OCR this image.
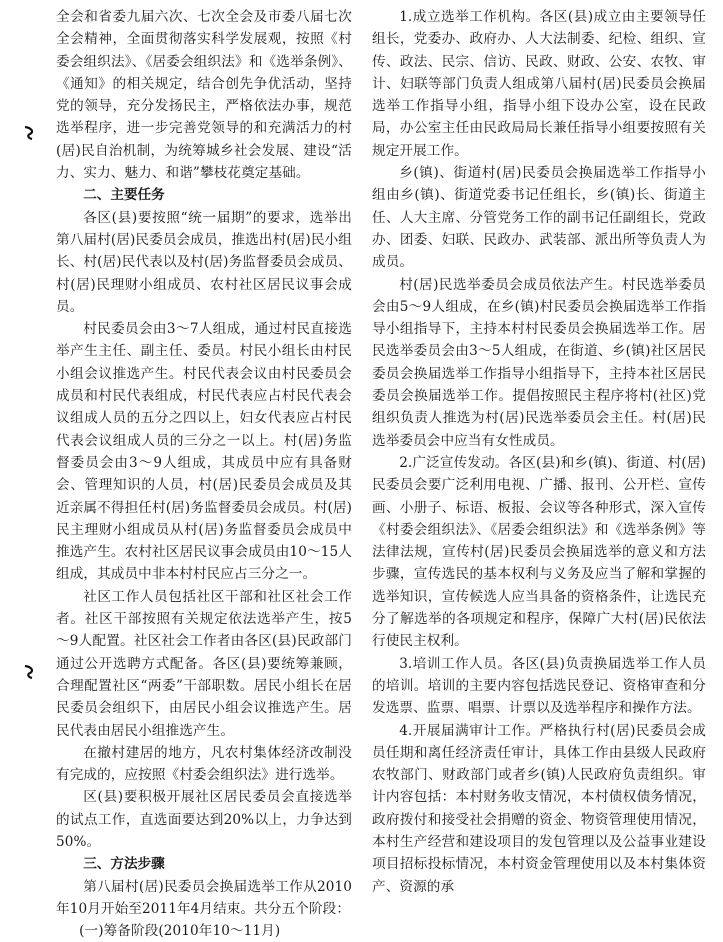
全会和省委九届六次、七次全会及市委八届七次全会精神，全面贯彻落实科学发展观，按照《村委会组织法》、《居委会组织法》和《选举条例》、《通知》的相关规定，结合创先争优活动，坚持党的领导，充分发扬民主，严格依法办事，规范选举程序，进一步完善党领导的和充满活力的村(居)民自治机制，为统筹城乡社会发展、建设“活力、实力、魅力、和谐”攀枝花奠定基础。

二、主要任务

各区(县)要按照“统一届期”的要求，选举出第八届村(居)民委员会成员，推选出村(居)民小组长、村(居)民代表以及村(居)务监督委员会成员、村(居)民理财小组成员、农村社区居民议事会成员。

村民委员会由3～7人组成，通过村民直接选举产生主任、副主任、委员。村民小组长由村民小组会议推选产生。村民代表会议由村民委员会成员和村民代表组成，村民代表应占村民代表会议组成人员的五分之四以上，妇女代表应占村民代表会议组成人员的三分之一以上。村(居)务监督委员会由3～9人组成，其成员中应有具备财会、管理知识的人员，村(居)民委员会成员及其近亲属不得担任村(居)务监督委员会成员。村(居)民主理财小组成员从村(居)务监督委员会成员中推选产生。农村社区居民议事会成员由10～15人组成，其成员中非本村村民应占三分之一。

社区工作人员包括社区干部和社区社会工作者。社区干部按照有关规定依法选举产生，按5～9人配置。社区社会工作者由各区(县)民政部门通过公开选聘方式配备。各区(县)要统筹兼顾，合理配置社区“两委”干部职数。居民小组长在居民委员会组织下，由居民小组会议推选产生。居民代表由居民小组推选产生。

在撤村建居的地方，凡农村集体经济改制没有完成的，应按照《村委会组织法》进行选举。

区(县)要积极开展社区居民委员会直接选举的试点工作，直选面要达到20%以上，力争达到50%。

三、方法步骤

第八届村(居)民委员会换届选举工作从2010年10月开始至2011年4月结束。共分五个阶段：

(一)筹备阶段(2010年10～11月)

1.成立选举工作机构。各区(县)成立由主要领导任组长，党委办、政府办、人大法制委、纪检、组织、宣传、政法、民宗、信访、民政、财政、公安、农牧、审计、妇联等部门负责人组成第八届村(居)民委员会换届选举工作指导小组，指导小组下设办公室，设在民政局，办公室主任由民政局局长兼任指导小组要按照有关规定开展工作。

乡(镇)、街道村(居)民委员会换届选举工作指导小组由乡(镇)、街道党委书记任组长，乡(镇)长、街道主任、人大主席、分管党务工作的副书记任副组长，党政办、团委、妇联、民政办、武装部、派出所等负责人为成员。

村(居)民选举委员会成员依法产生。村民选举委员会由5～9人组成，在乡(镇)村民委员会换届选举工作指导小组指导下，主持本村村民委员会换届选举工作。居民选举委员会由3～5人组成，在街道、乡(镇)社区居民委员会换届选举工作指导小组指导下，主持本社区居民委员会换届选举工作。提倡按照民主程序将村(社区)党组织负责人推选为村(居)民选举委员会主任。村(居)民选举委员会中应当有女性成员。

2.广泛宣传发动。各区(县)和乡(镇)、街道、村(居)民委员会要广泛利用电视、广播、报刊、公开栏、宣传画、小册子、标语、板报、会议等各种形式，深入宣传《村委会组织法》、《居委会组织法》和《选举条例》等法律法规，宣传村(居)民委员会换届选举的意义和方法步骤，宣传选民的基本权利与义务及应当了解和掌握的选举知识，宣传候选人应当具备的资格条件，让选民充分了解选举的各项规定和程序，保障广大村(居)民依法行使民主权利。

3.培训工作人员。各区(县)负责换届选举工作人员的培训。培训的主要内容包括选民登记、资格审查和分发选票、监票、唱票、计票以及选举程序和操作方法。

4.开展届满审计工作。严格执行村(居)民委员会成员任期和离任经济责任审计，具体工作由县级人民政府农牧部门、财政部门或者乡(镇)人民政府负责组织。审计内容包括：本村财务收支情况，本村债权债务情况，政府拨付和接受社会捐赠的资金、物资管理使用情况，本村生产经营和建设项目的发包管理以及公益事业建设项目招标投标情况，本村资金管理使用以及本村集体资产、资源的承
